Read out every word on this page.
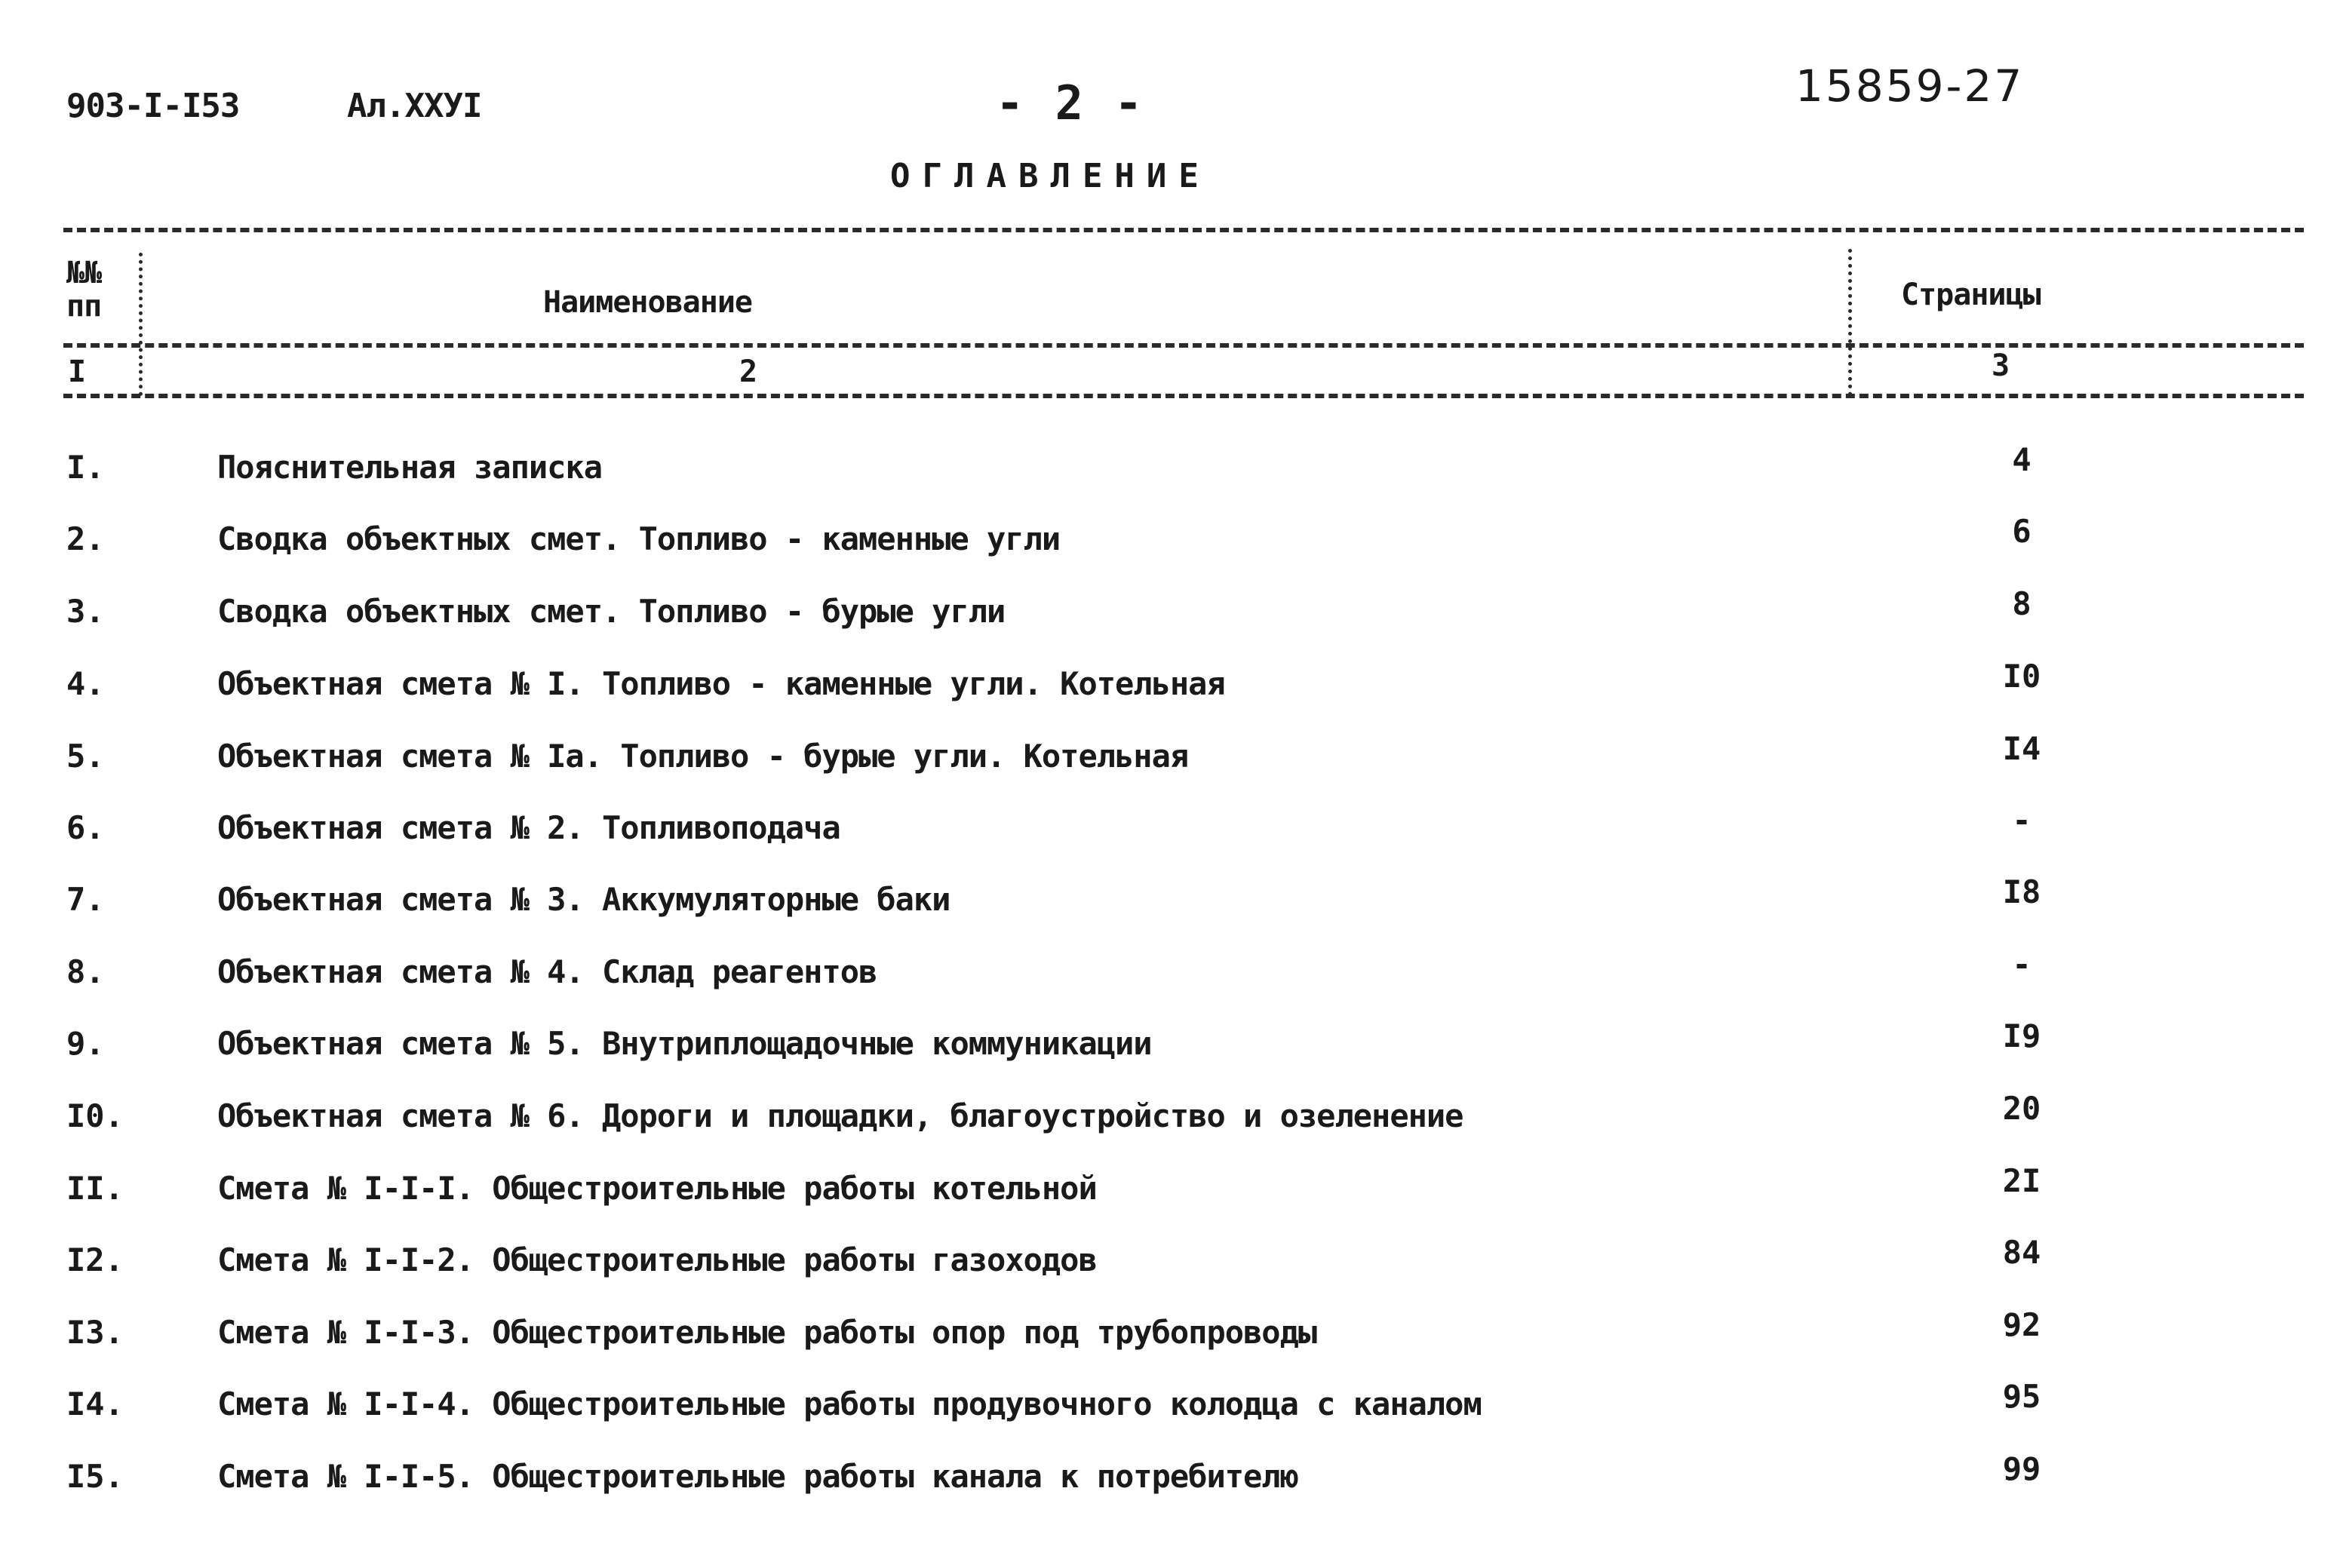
903-I-I53	Ал.XXУI	- 2 -	15859-27
ОГЛАВЛЕНИЕ
№№
пп	Наименование	Страницы
I	2	3
I.	Пояснительная записка	4
2.	Сводка объектных смет. Топливо - каменные угли	6
3.	Сводка объектных смет. Топливо - бурые угли	8
4.	Объектная смета № I. Топливо - каменные угли. Котельная	I0
5.	Объектная смета № Iа. Топливо - бурые угли. Котельная	I4
6.	Объектная смета № 2. Топливоподача	-
7.	Объектная смета № 3. Аккумуляторные баки	I8
8.	Объектная смета № 4. Склад реагентов	-
9.	Объектная смета № 5. Внутриплощадочные коммуникации	I9
I0.	Объектная смета № 6. Дороги и площадки, благоустройство и озеленение	20
II.	Смета № I-I-I. Общестроительные работы котельной	2I
I2.	Смета № I-I-2. Общестроительные работы газоходов	84
I3.	Смета № I-I-3. Общестроительные работы опор под трубопроводы	92
I4.	Смета № I-I-4. Общестроительные работы продувочного колодца с каналом	95
I5.	Смета № I-I-5. Общестроительные работы канала к потребителю	99
